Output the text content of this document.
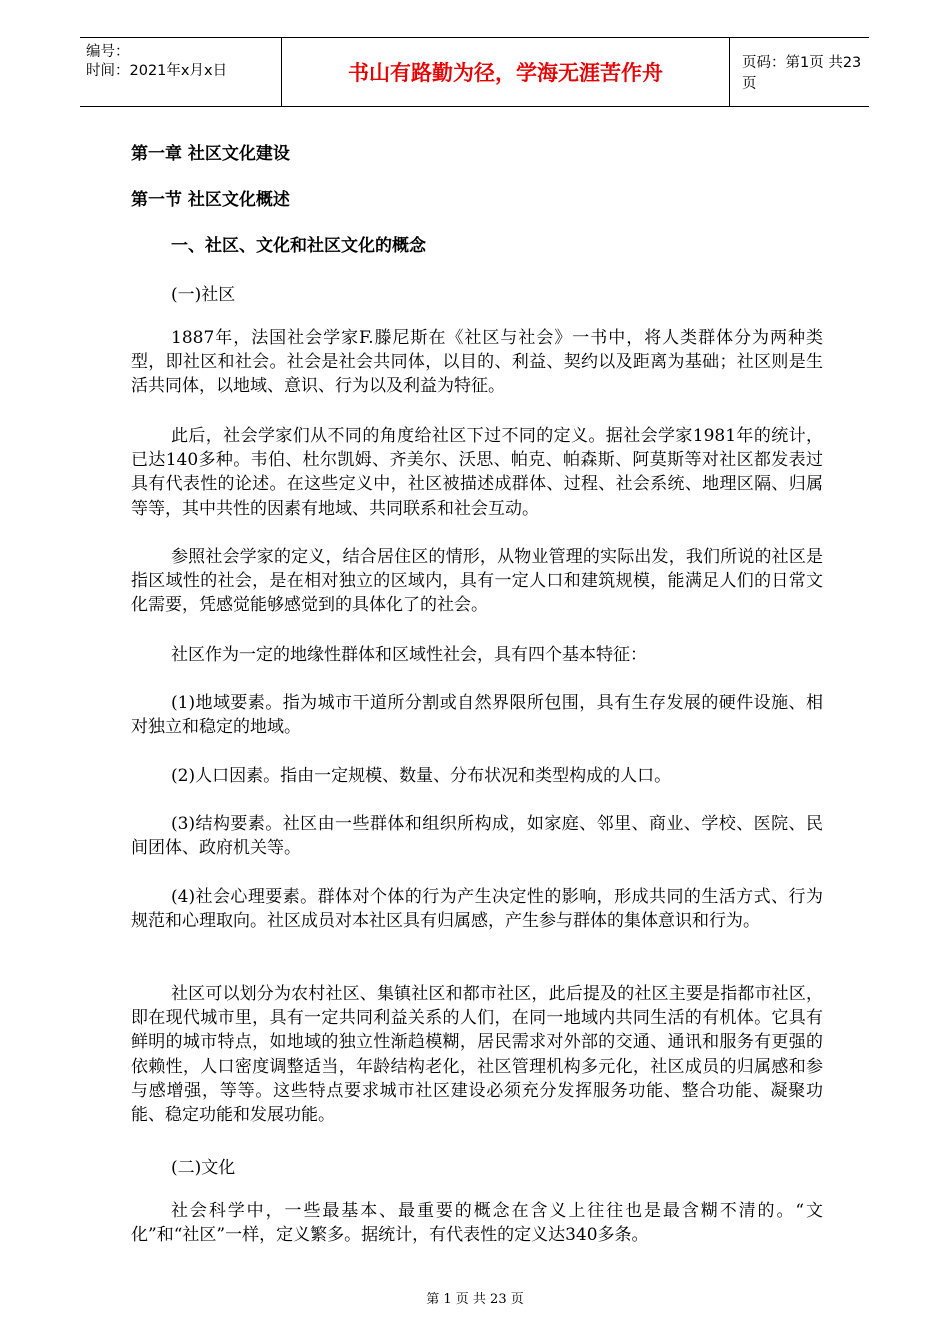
编号：
时间：2021年x月x日	书山有路勤为径，学海无涯苦作舟	页码：第1页 共23页
第一章 社区文化建设
第一节 社区文化概述
一、社区、文化和社区文化的概念
(一)社区

1887年，法国社会学家F.滕尼斯在《社区与社会》一书中，将人类群体分为两种类型，即社区和社会。社会是社会共同体，以目的、利益、契约以及距离为基础；社区则是生活共同体，以地域、意识、行为以及利益为特征。

此后，社会学家们从不同的角度给社区下过不同的定义。据社会学家1981年的统计，已达140多种。韦伯、杜尔凯姆、齐美尔、沃思、帕克、帕森斯、阿莫斯等对社区都发表过具有代表性的论述。在这些定义中，社区被描述成群体、过程、社会系统、地理区隔、归属等等，其中共性的因素有地域、共同联系和社会互动。

参照社会学家的定义，结合居住区的情形，从物业管理的实际出发，我们所说的社区是指区域性的社会，是在相对独立的区域内，具有一定人口和建筑规模，能满足人们的日常文化需要，凭感觉能够感觉到的具体化了的社会。

社区作为一定的地缘性群体和区域性社会，具有四个基本特征：

(1)地域要素。指为城市干道所分割或自然界限所包围，具有生存发展的硬件设施、相对独立和稳定的地域。

(2)人口因素。指由一定规模、数量、分布状况和类型构成的人口。

(3)结构要素。社区由一些群体和组织所构成，如家庭、邻里、商业、学校、医院、民间团体、政府机关等。

(4)社会心理要素。群体对个体的行为产生决定性的影响，形成共同的生活方式、行为规范和心理取向。社区成员对本社区具有归属感，产生参与群体的集体意识和行为。

社区可以划分为农村社区、集镇社区和都市社区，此后提及的社区主要是指都市社区，即在现代城市里，具有一定共同利益关系的人们，在同一地域内共同生活的有机体。它具有鲜明的城市特点，如地域的独立性渐趋模糊，居民需求对外部的交通、通讯和服务有更强的依赖性，人口密度调整适当，年龄结构老化，社区管理机构多元化，社区成员的归属感和参与感增强，等等。这些特点要求城市社区建设必须充分发挥服务功能、整合功能、凝聚功能、稳定功能和发展功能。

(二)文化

社会科学中，一些最基本、最重要的概念在含义上往往也是最含糊不清的。“文化”和“社区”一样，定义繁多。据统计，有代表性的定义达340多条。

第 1 页 共 23 页
